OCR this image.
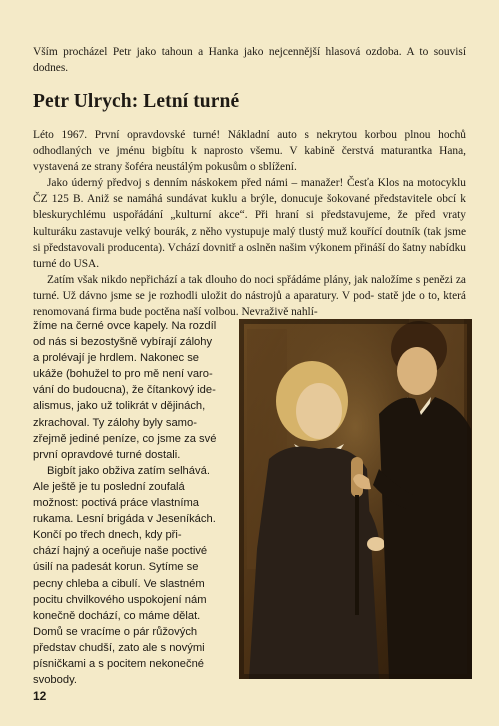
Vším procházel Petr jako tahoun a Hanka jako nejcennější hlasová ozdoba. A to souvisí dodnes.

Petr Ulrych: Letní turné

Léto 1967. První opravdovské turné! Nákladní auto s nekrytou korbou plnou hochů odhodlaných ve jménu bigbítu k naprosto všemu. V kabině čerstvá maturantka Hana, vystavená ze strany šoféra neustálým pokusům o sblížení.

Jako úderný předvoj s denním náskokem před námi – manažer! Česťa Klos na motocyklu ČZ 125 B. Aniž se namáhá sundávat kuklu a brýle, donucuje šokované představitele obcí k bleskurychlému uspořádání „kulturní akce“. Při hraní si představujeme, že před vraty kulturáku zastavuje velký bourák, z něho vystupuje malý tlustý muž kouřící doutník (tak jsme si představovali producenta). Vchází dovnitř a oslněn našim výkonem přináší do šatny nabídku turné do USA.

Zatím však nikdo nepřichází a tak dlouho do noci spřádáme plány, jak naložíme s penězi za turné. Už dávno jsme se je rozhodli uložit do nástrojů a aparatury. V pod- statě jde o to, která renomovaná firma bude poctěna naší volbou. Nevraživě nahlí-

žíme na černé ovce kapely. Na rozdíl
od nás si bezostyšně vybírají zálohy
a prolévají je hrdlem. Nakonec se
ukáže (bohužel to pro mě není varo-
vání do budoucna), že čítankový ide-
alismus, jako už tolikrát v dějinách,
zkrachoval. Ty zálohy byly samo-
zřejmě jediné peníze, co jsme za své
první opravdové turné dostali.

Bigbít jako obživa zatím selhává.
Ale ještě je tu poslední zoufalá
možnost: poctivá práce vlastníma
rukama. Lesní brigáda v Jeseníkách.
Končí po třech dnech, kdy při-
chází hajný a oceňuje naše poctivé
úsilí na padesát korun. Sytíme se
pecny chleba a cibulí. Ve slastném
pocitu chvilkového uspokojení nám
konečně dochází, co máme dělat.
Domů se vracíme o pár růžových
představ chudší, zato ale s novými
písničkami a s pocitem nekonečné
svobody.

12
